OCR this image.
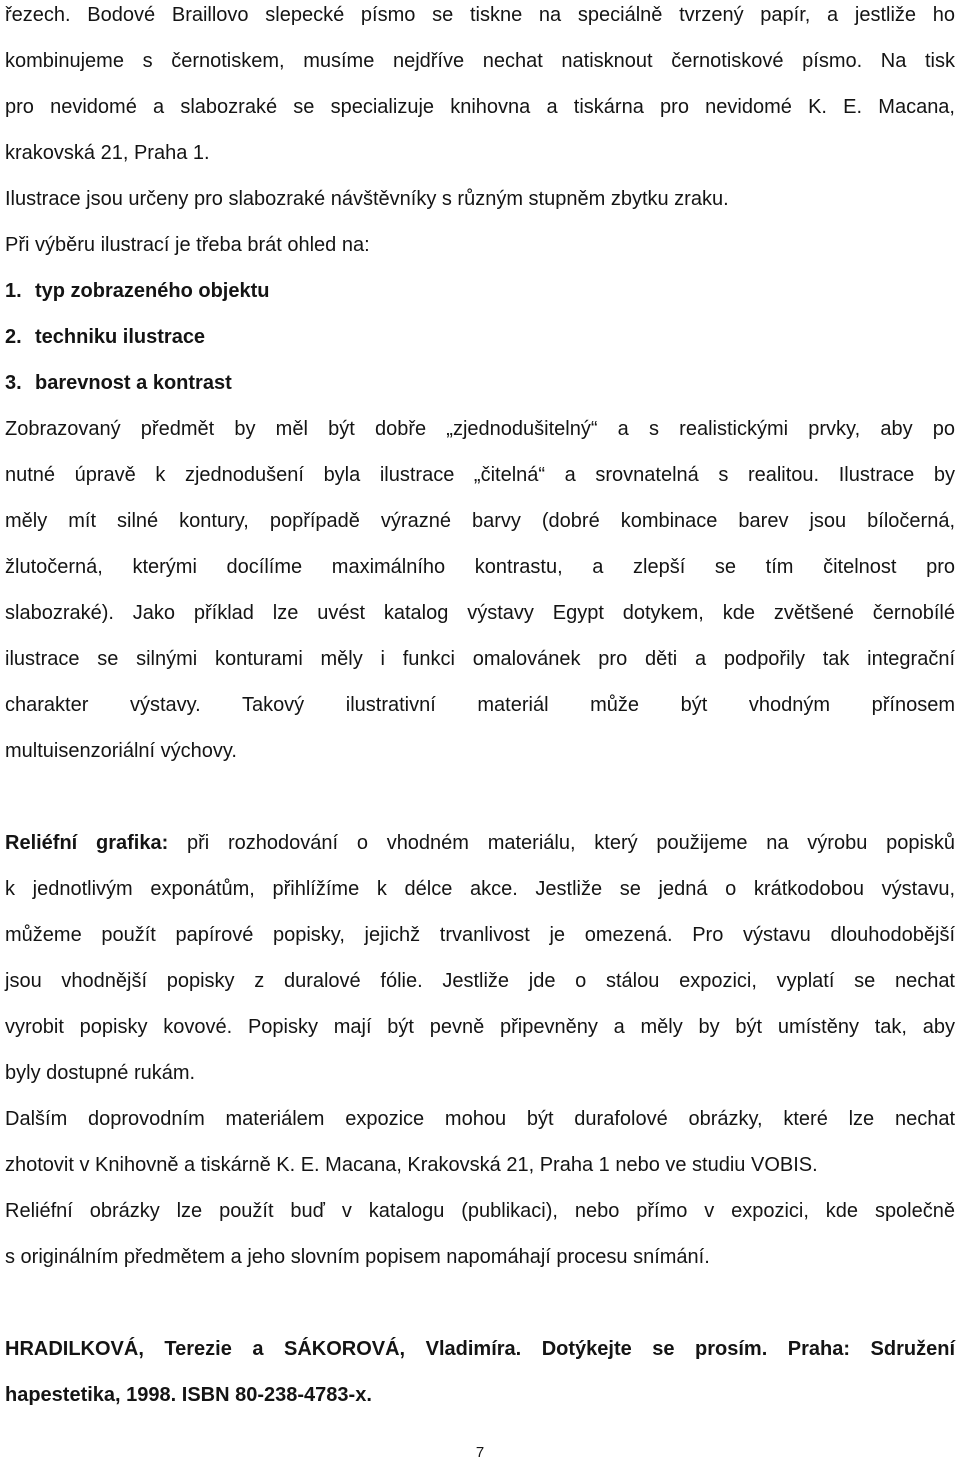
řezech. Bodové Braillovo slepecké písmo se tiskne na speciálně tvrzený papír, a jestliže ho
kombinujeme s černotiskem, musíme nejdříve nechat natisknout černotiskové písmo. Na tisk
pro nevidomé a slabozraké se specializuje knihovna a tiskárna pro nevidomé K. E. Macana,
krakovská 21, Praha 1.
Ilustrace jsou určeny pro slabozraké návštěvníky s různým stupněm zbytku zraku.
Při výběru ilustrací je třeba brát ohled na:
1. typ zobrazeného objektu
2. techniku ilustrace
3. barevnost a kontrast
Zobrazovaný předmět by měl být dobře „zjednodušitelný“ a s realistickými prvky, aby po
nutné úpravě k zjednodušení byla ilustrace „čitelná“ a srovnatelná s realitou. Ilustrace by
měly mít silné kontury, popřípadě výrazné barvy (dobré kombinace barev jsou bíločerná,
žlutočerná, kterými docílíme maximálního kontrastu, a zlepší se tím čitelnost pro
slabozraké). Jako příklad lze uvést katalog výstavy Egypt dotykem, kde zvětšené černobílé
ilustrace se silnými konturami měly i funkci omalovánek pro děti a podpořily tak integrační
charakter výstavy. Takový ilustrativní materiál může být vhodným přínosem
multuisenzoriální výchovy.
Reliéfní grafika: při rozhodování o vhodném materiálu, který použijeme na výrobu popisků
k jednotlivým exponátům, přihlížíme k délce akce. Jestliže se jedná o krátkodobou výstavu,
můžeme použít papírové popisky, jejichž trvanlivost je omezená. Pro výstavu dlouhodobější
jsou vhodnější popisky z duralové fólie. Jestliže jde o stálou expozici, vyplatí se nechat
vyrobit popisky kovové. Popisky mají být pevně připevněny a měly by být umístěny tak, aby
byly dostupné rukám.
Dalším doprovodním materiálem expozice mohou být durafolové obrázky, které lze nechat
zhotovit v Knihovně a tiskárně K. E. Macana, Krakovská 21, Praha 1 nebo ve studiu VOBIS.
Reliéfní obrázky lze použít buď v katalogu (publikaci), nebo přímo v expozici, kde společně
s originálním předmětem a jeho slovním popisem napomáhají procesu snímání.
HRADILKOVÁ, Terezie a SÁKOROVÁ, Vladimíra. Dotýkejte se prosím. Praha: Sdružení
hapestetika, 1998. ISBN 80-238-4783-x.
7
